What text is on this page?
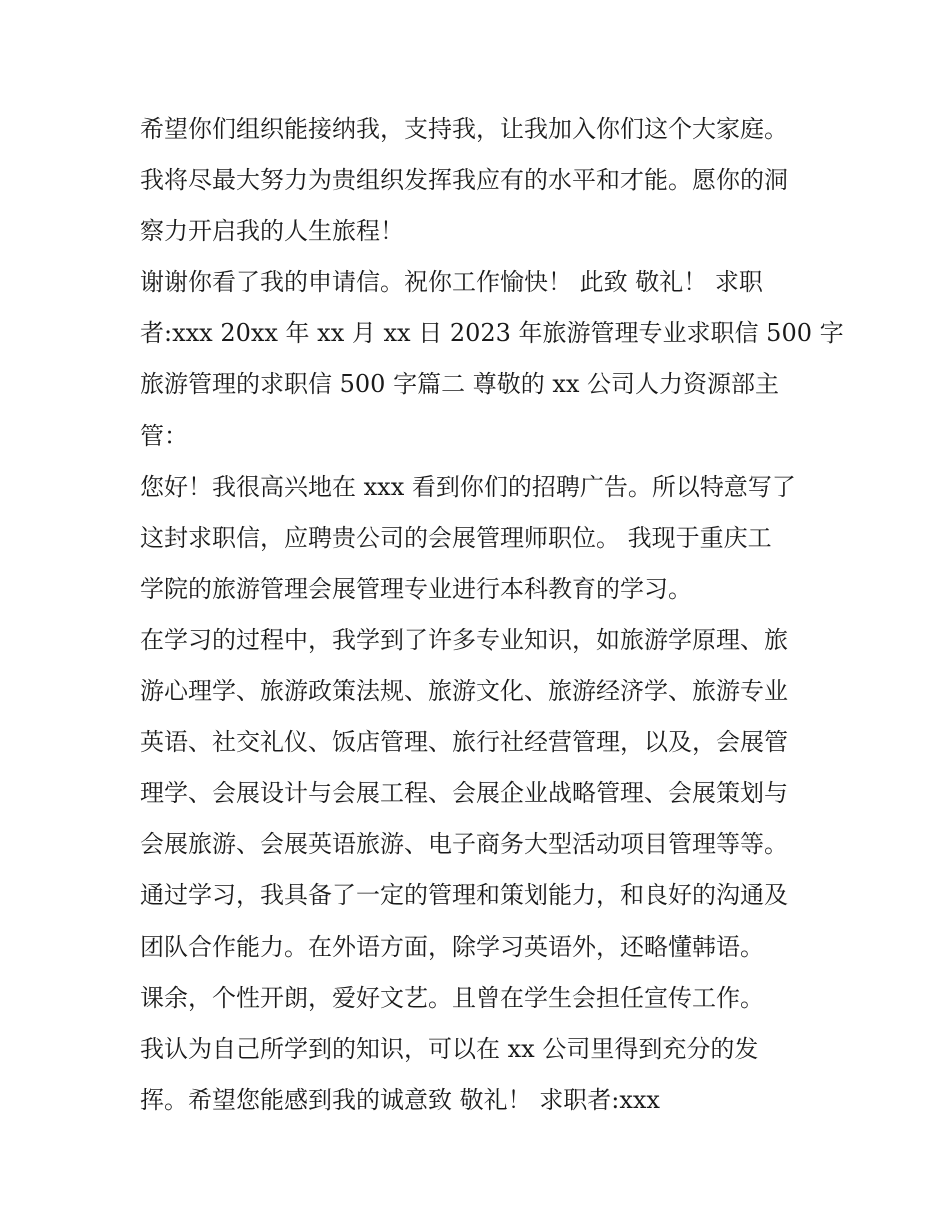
希望你们组织能接纳我，支持我，让我加入你们这个大家庭。
我将尽最大努力为贵组织发挥我应有的水平和才能。愿你的洞
察力开启我的人生旅程！
谢谢你看了我的申请信。祝你工作愉快！ 此致 敬礼！ 求职
者:xxx 20xx 年 xx 月 xx 日 2023 年旅游管理专业求职信 500 字
旅游管理的求职信 500 字篇二 尊敬的 xx 公司人力资源部主
管：
您好！我很高兴地在 xxx 看到你们的招聘广告。所以特意写了
这封求职信，应聘贵公司的会展管理师职位。 我现于重庆工
学院的旅游管理会展管理专业进行本科教育的学习。
在学习的过程中，我学到了许多专业知识，如旅游学原理、旅
游心理学、旅游政策法规、旅游文化、旅游经济学、旅游专业
英语、社交礼仪、饭店管理、旅行社经营管理，以及，会展管
理学、会展设计与会展工程、会展企业战略管理、会展策划与
会展旅游、会展英语旅游、电子商务大型活动项目管理等等。
通过学习，我具备了一定的管理和策划能力，和良好的沟通及
团队合作能力。在外语方面，除学习英语外，还略懂韩语。
课余，个性开朗，爱好文艺。且曾在学生会担任宣传工作。
我认为自己所学到的知识，可以在 xx 公司里得到充分的发
挥。希望您能感到我的诚意致 敬礼！ 求职者:xxx
